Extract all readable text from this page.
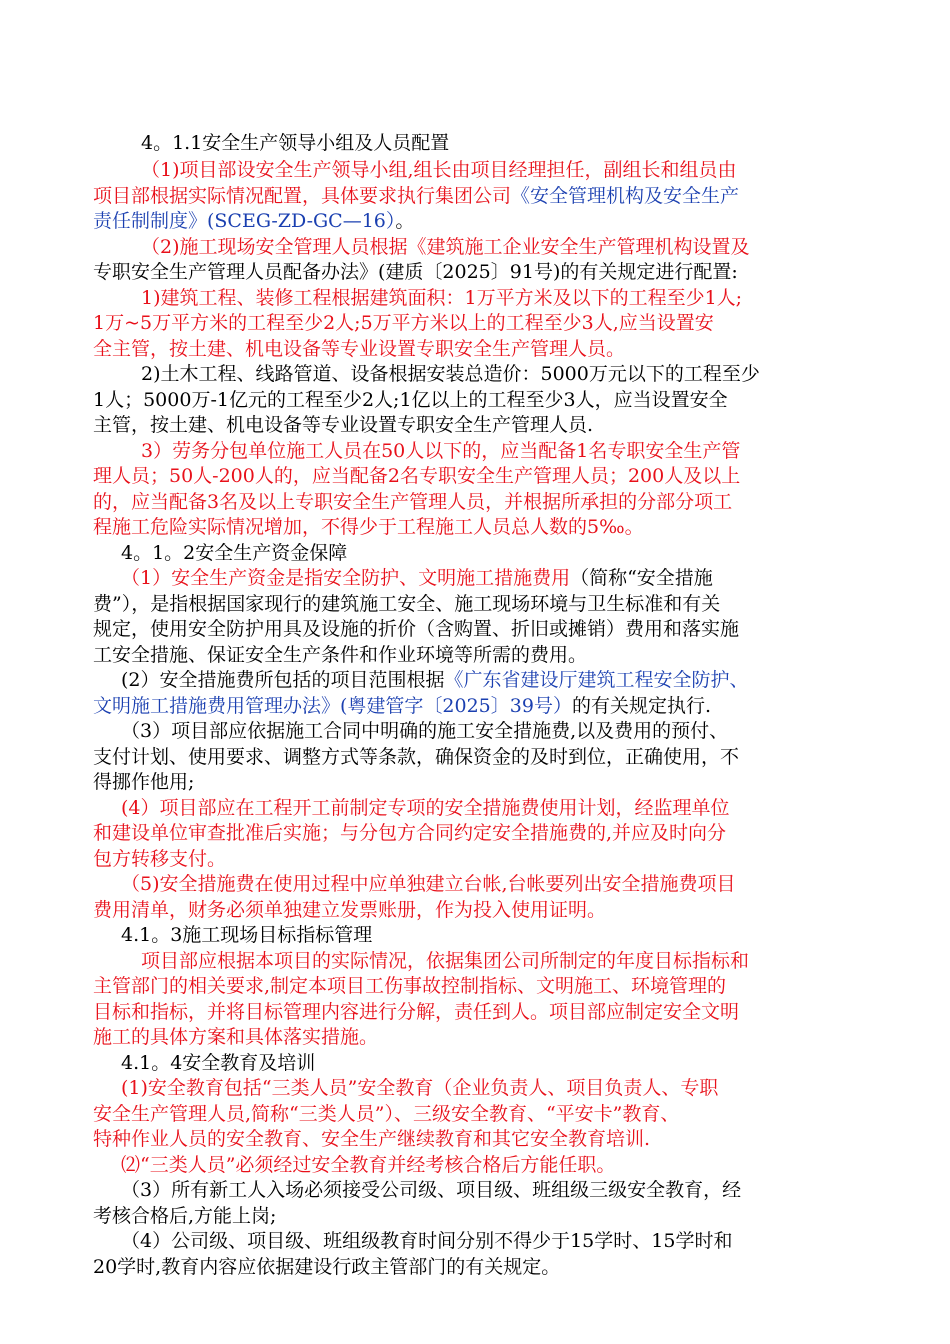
4。1.1安全生产领导小组及人员配置
（1)项目部设安全生产领导小组,组长由项目经理担任，副组长和组员由
项目部根据实际情况配置，具体要求执行集团公司《安全管理机构及安全生产
责任制制度》(SCEG-ZD-GC—16）。
（2)施工现场安全管理人员根据《建筑施工企业安全生产管理机构设置及
专职安全生产管理人员配备办法》(建质〔2025〕91号)的有关规定进行配置:
1)建筑工程、装修工程根据建筑面积：1万平方米及以下的工程至少1人;
1万~5万平方米的工程至少2人;5万平方米以上的工程至少3人,应当设置安
全主管，按土建、机电设备等专业设置专职安全生产管理人员。
2)土木工程、线路管道、设备根据安装总造价：5000万元以下的工程至少
1人；5000万-1亿元的工程至少2人;1亿以上的工程至少3人，应当设置安全
主管，按土建、机电设备等专业设置专职安全生产管理人员.
3）劳务分包单位施工人员在50人以下的，应当配备1名专职安全生产管
理人员；50人-200人的，应当配备2名专职安全生产管理人员；200人及以上
的，应当配备3名及以上专职安全生产管理人员，并根据所承担的分部分项工
程施工危险实际情况增加，不得少于工程施工人员总人数的5‰。
4。1。2安全生产资金保障
（1）安全生产资金是指安全防护、文明施工措施费用（简称“安全措施
费”），是指根据国家现行的建筑施工安全、施工现场环境与卫生标准和有关
规定，使用安全防护用具及设施的折价（含购置、折旧或摊销）费用和落实施
工安全措施、保证安全生产条件和作业环境等所需的费用。
(2）安全措施费所包括的项目范围根据《广东省建设厅建筑工程安全防护、
文明施工措施费用管理办法》(粤建管字〔2025〕39号）的有关规定执行.
（3）项目部应依据施工合同中明确的施工安全措施费,以及费用的预付、
支付计划、使用要求、调整方式等条款，确保资金的及时到位，正确使用，不
得挪作他用;
(4）项目部应在工程开工前制定专项的安全措施费使用计划，经监理单位
和建设单位审查批准后实施；与分包方合同约定安全措施费的,并应及时向分
包方转移支付。
（5)安全措施费在使用过程中应单独建立台帐,台帐要列出安全措施费项目
费用清单，财务必须单独建立发票账册，作为投入使用证明。
4.1。3施工现场目标指标管理
项目部应根据本项目的实际情况，依据集团公司所制定的年度目标指标和
主管部门的相关要求,制定本项目工伤事故控制指标、文明施工、环境管理的
目标和指标，并将目标管理内容进行分解，责任到人。项目部应制定安全文明
施工的具体方案和具体落实措施。
4.1。4安全教育及培训
(1)安全教育包括“三类人员”安全教育（企业负责人、项目负责人、专职
安全生产管理人员,简称“三类人员”）、三级安全教育、“平安卡”教育、
特种作业人员的安全教育、安全生产继续教育和其它安全教育培训.
⑵“三类人员”必须经过安全教育并经考核合格后方能任职。
（3）所有新工人入场必须接受公司级、项目级、班组级三级安全教育，经
考核合格后,方能上岗;
（4）公司级、项目级、班组级教育时间分别不得少于15学时、15学时和
20学时,教育内容应依据建设行政主管部门的有关规定。
